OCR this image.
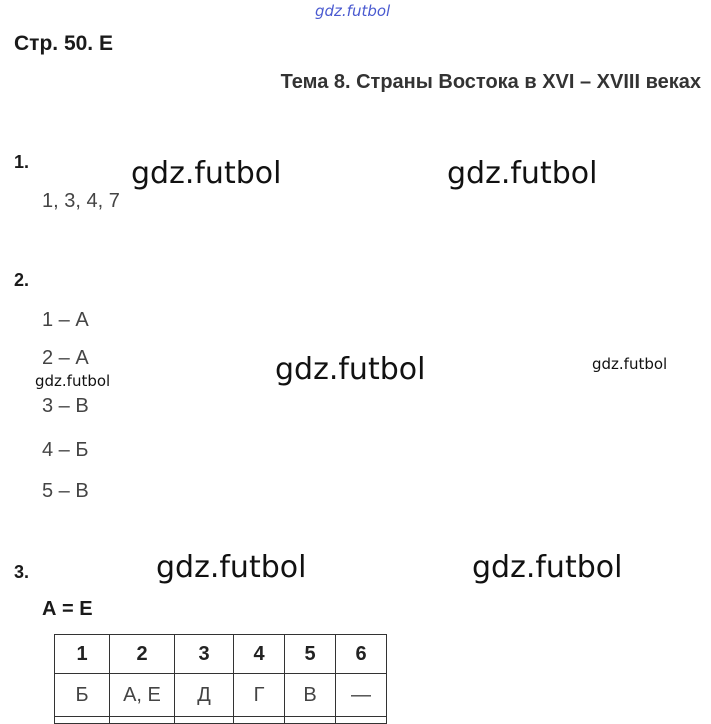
gdz.futbol
gdz.futbol	gdz.futbol
gdz.futbol	gdz.futbol
gdz.futbol
gdz.futbol	gdz.futbol
Стр. 50. Е
Тема 8. Страны Востока в XVI – XVIII веках
1.
1, 3, 4, 7
2.
1 – А
2 – А
3 – В
4 – Б
5 – В
3.
А = Е
1	2	3	4	5	6
Б	А, Е	Д	Г	В	—
